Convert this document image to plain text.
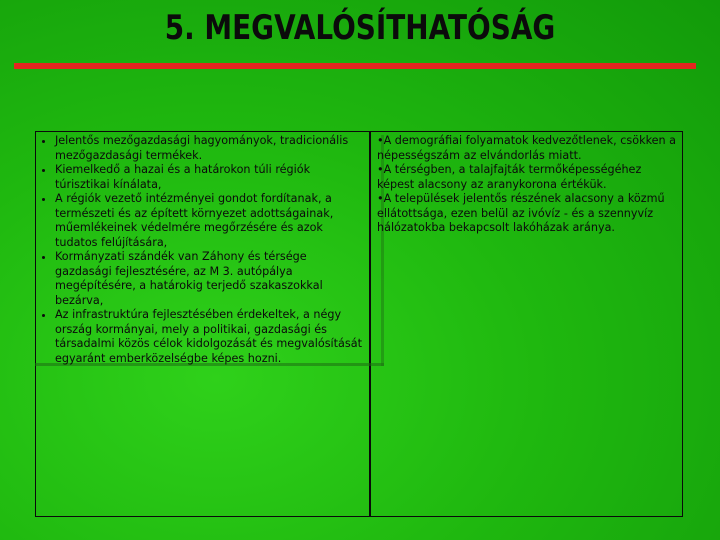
5. MEGVALÓSÍTHATÓSÁG
• Jelentős mezőgazdasági hagyományok, tradicionális mezőgazdasági termékek.
• Kiemelkedő a hazai és a határokon túli régiók túrisztikai kínálata,
• A régiók vezető intézményei gondot fordítanak, a természeti és az épített környezet adottságainak, műemlékeinek védelmére megőrzésére és azok tudatos felújítására,
• Kormányzati szándék van Záhony és térsége gazdasági fejlesztésére, az M 3. autópálya megépítésére, a határokig terjedő szakaszokkal bezárva,
• Az infrastruktúra fejlesztésében érdekeltek, a négy ország kormányai, mely a politikai, gazdasági és társadalmi közös célok kidolgozását és megvalósítását egyaránt emberközelségbe képes hozni.

•A demográfiai folyamatok kedvezőtlenek, csökken a népességszám az elvándorlás miatt.

•A térségben, a talajfajták termőképességéhez képest alacsony az aranykorona értékük.

•A települések jelentős részének alacsony a közmű ellátottsága, ezen belül az ivóvíz - és a szennyvíz hálózatokba bekapcsolt lakóházak aránya.
